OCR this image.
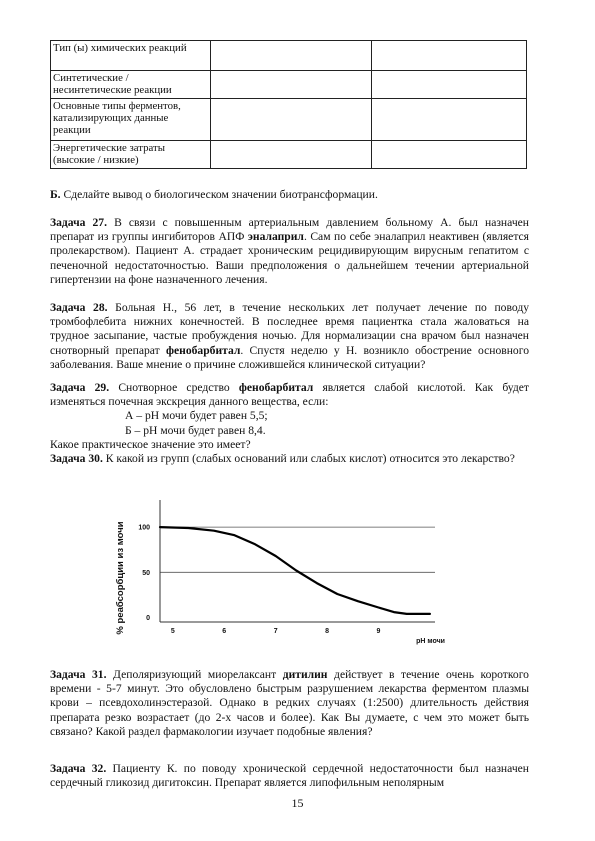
Тип (ы) химических реакций		
Синтетические / несинтетические реакции		
Основные типы ферментов, катализирующих данные реакции		
Энергетические затраты (высокие / низкие)		

Б. Сделайте вывод о биологическом значении биотрансформации.

Задача 27. В связи с повышенным артериальным давлением больному А. был назначен препарат из группы ингибиторов АПФ эналаприл. Сам по себе эналаприл неактивен (является пролекарством). Пациент А. страдает хроническим рецидивирующим вирусным гепатитом с печеночной недостаточностью. Ваши предположения о дальнейшем течении артериальной гипертензии на фоне назначенного лечения.

Задача 28. Больная Н., 56 лет, в течение нескольких лет получает лечение по поводу тромбофлебита нижних конечностей. В последнее время пациентка стала жаловаться на трудное засыпание, частые пробуждения ночью. Для нормализации сна врачом был назначен снотворный препарат фенобарбитал. Спустя неделю у Н. возникло обострение основного заболевания. Ваше мнение о причине сложившейся клинической ситуации?

Задача 29. Снотворное средство фенобарбитал является слабой кислотой. Как будет изменяться почечная экскреция данного вещества, если:
А – рН мочи будет равен 5,5;
Б – рН мочи будет равен 8,4.
Какое практическое значение это имеет?

Задача 30. К какой из групп (слабых оснований или слабых кислот) относится это лекарство?

100
50
0
5	6	7	8	9
% реабсорбции из мочи
рН мочи

Задача 31. Деполяризующий миорелаксант дитилин действует в течение очень короткого времени - 5-7 минут. Это обусловлено быстрым разрушением лекарства ферментом плазмы крови – псевдохолинэстеразой. Однако в редких случаях (1:2500) длительность действия препарата резко возрастает (до 2-х часов и более). Как Вы думаете, с чем это может быть связано? Какой раздел фармакологии изучает подобные явления?

Задача 32. Пациенту К. по поводу хронической сердечной недостаточности был назначен сердечный гликозид дигитоксин. Препарат является липофильным неполярным

15
